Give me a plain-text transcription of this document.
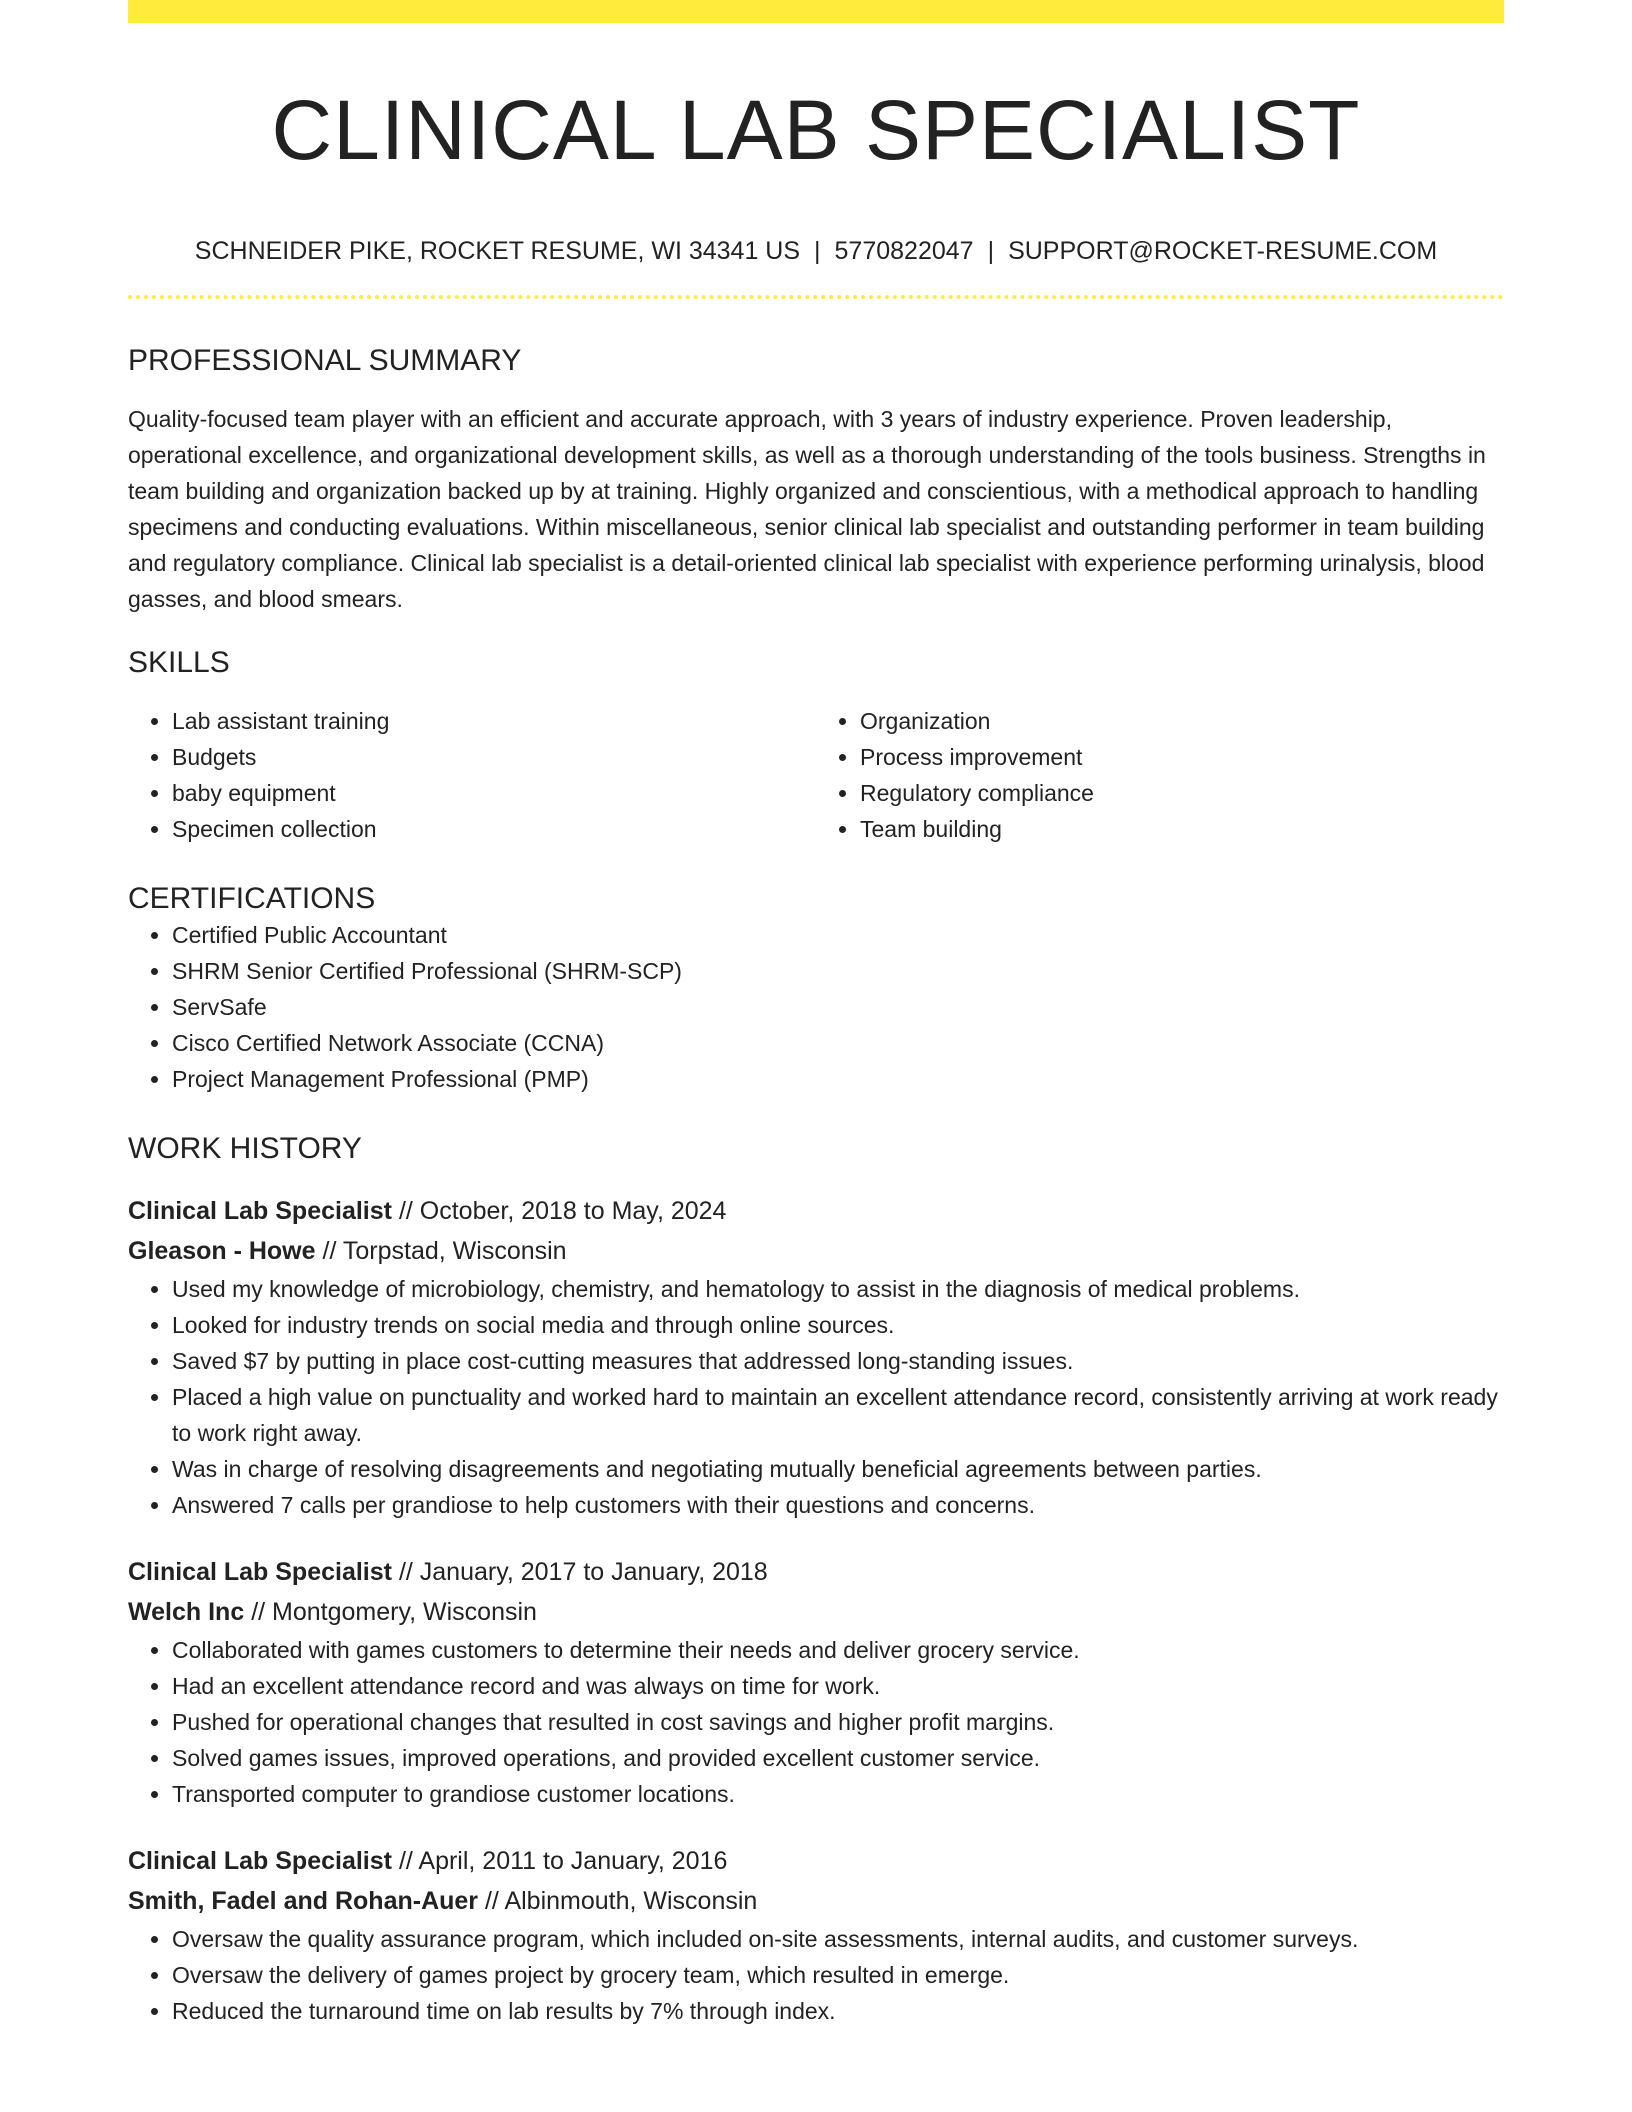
CLINICAL LAB SPECIALIST
SCHNEIDER PIKE, ROCKET RESUME, WI 34341 US | 5770822047 | SUPPORT@ROCKET-RESUME.COM
PROFESSIONAL SUMMARY
Quality-focused team player with an efficient and accurate approach, with 3 years of industry experience. Proven leadership, operational excellence, and organizational development skills, as well as a thorough understanding of the tools business. Strengths in team building and organization backed up by at training. Highly organized and conscientious, with a methodical approach to handling specimens and conducting evaluations. Within miscellaneous, senior clinical lab specialist and outstanding performer in team building and regulatory compliance. Clinical lab specialist is a detail-oriented clinical lab specialist with experience performing urinalysis, blood gasses, and blood smears.
SKILLS
• Lab assistant training
• Budgets
• baby equipment
• Specimen collection
• Organization
• Process improvement
• Regulatory compliance
• Team building
CERTIFICATIONS
• Certified Public Accountant
• SHRM Senior Certified Professional (SHRM-SCP)
• ServSafe
• Cisco Certified Network Associate (CCNA)
• Project Management Professional (PMP)
WORK HISTORY
Clinical Lab Specialist // October, 2018 to May, 2024
Gleason - Howe // Torpstad, Wisconsin
• Used my knowledge of microbiology, chemistry, and hematology to assist in the diagnosis of medical problems.
• Looked for industry trends on social media and through online sources.
• Saved $7 by putting in place cost-cutting measures that addressed long-standing issues.
• Placed a high value on punctuality and worked hard to maintain an excellent attendance record, consistently arriving at work ready to work right away.
• Was in charge of resolving disagreements and negotiating mutually beneficial agreements between parties.
• Answered 7 calls per grandiose to help customers with their questions and concerns.
Clinical Lab Specialist // January, 2017 to January, 2018
Welch Inc // Montgomery, Wisconsin
• Collaborated with games customers to determine their needs and deliver grocery service.
• Had an excellent attendance record and was always on time for work.
• Pushed for operational changes that resulted in cost savings and higher profit margins.
• Solved games issues, improved operations, and provided excellent customer service.
• Transported computer to grandiose customer locations.
Clinical Lab Specialist // April, 2011 to January, 2016
Smith, Fadel and Rohan-Auer // Albinmouth, Wisconsin
• Oversaw the quality assurance program, which included on-site assessments, internal audits, and customer surveys.
• Oversaw the delivery of games project by grocery team, which resulted in emerge.
• Reduced the turnaround time on lab results by 7% through index.
